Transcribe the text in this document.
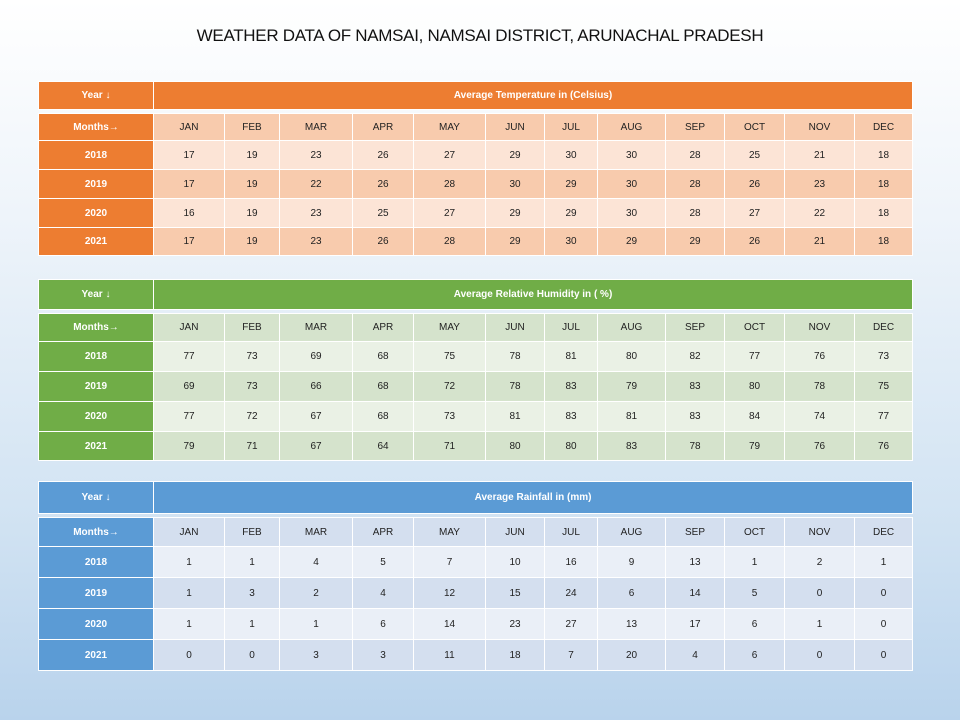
WEATHER DATA OF NAMSAI, NAMSAI DISTRICT, ARUNACHAL PRADESH
Year ↓	Average Temperature in (Celsius)											

Months→	JAN	FEB	MAR	APR	MAY	JUN	JUL	AUG	SEP	OCT	NOV	DEC
2018	17	19	23	26	27	29	30	30	28	25	21	18
2019	17	19	22	26	28	30	29	30	28	26	23	18
2020	16	19	23	25	27	29	29	30	28	27	22	18
2021	17	19	23	26	28	29	30	29	29	26	21	18
Year ↓	Average Relative Humidity in ( %)											

Months→	JAN	FEB	MAR	APR	MAY	JUN	JUL	AUG	SEP	OCT	NOV	DEC
2018	77	73	69	68	75	78	81	80	82	77	76	73
2019	69	73	66	68	72	78	83	79	83	80	78	75
2020	77	72	67	68	73	81	83	81	83	84	74	77
2021	79	71	67	64	71	80	80	83	78	79	76	76
Year ↓	Average Rainfall in (mm)											

Months→	JAN	FEB	MAR	APR	MAY	JUN	JUL	AUG	SEP	OCT	NOV	DEC
2018	1	1	4	5	7	10	16	9	13	1	2	1
2019	1	3	2	4	12	15	24	6	14	5	0	0
2020	1	1	1	6	14	23	27	13	17	6	1	0
2021	0	0	3	3	11	18	7	20	4	6	0	0
